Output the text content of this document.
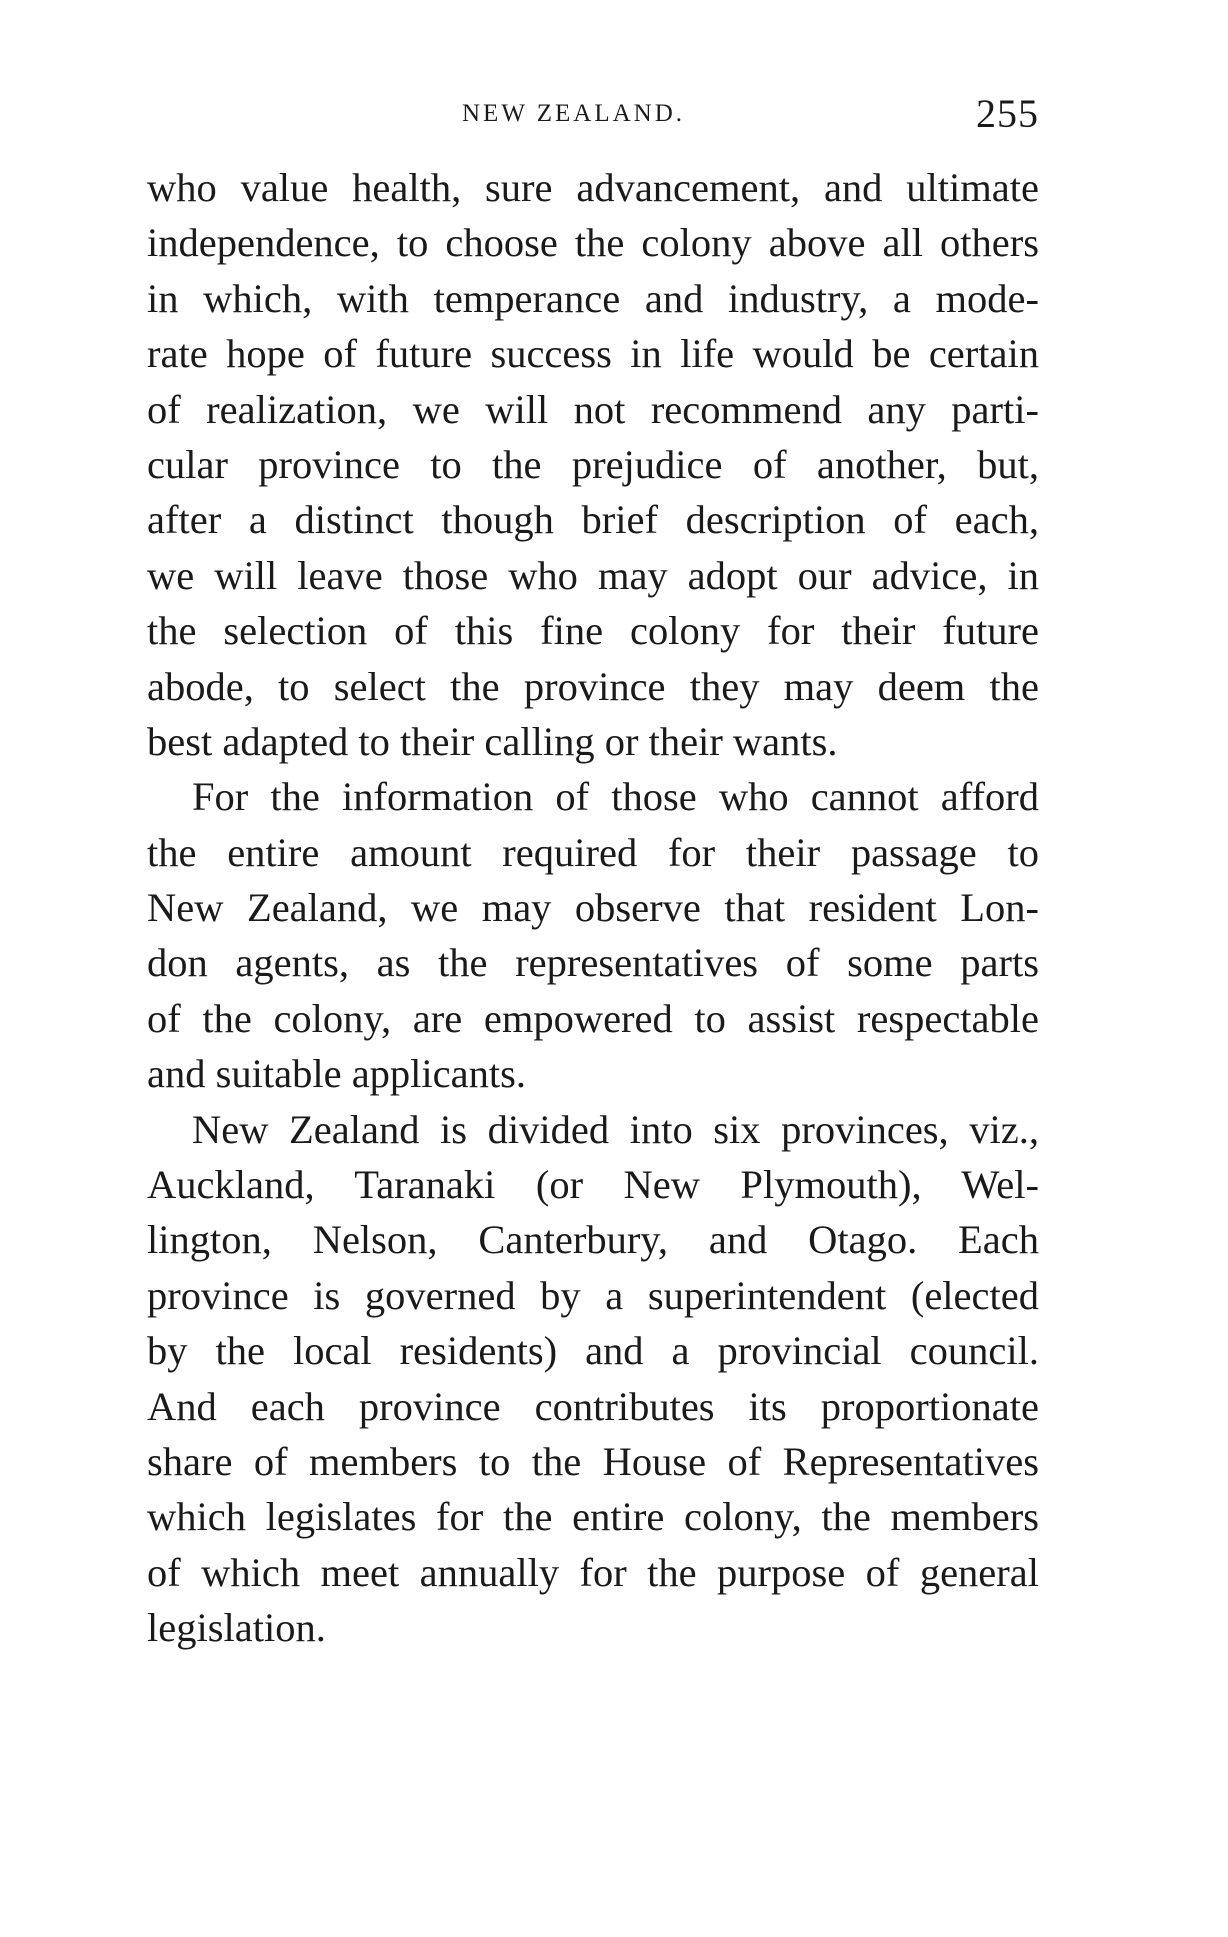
NEW ZEALAND.	255
who value health, sure advancement, and ultimate
independence, to choose the colony above all others
in which, with temperance and industry, a mode-
rate hope of future success in life would be certain
of realization, we will not recommend any parti-
cular province to the prejudice of another, but,
after a distinct though brief description of each,
we will leave those who may adopt our advice, in
the selection of this fine colony for their future
abode, to select the province they may deem the
best adapted to their calling or their wants.
For the information of those who cannot afford
the entire amount required for their passage to
New Zealand, we may observe that resident Lon-
don agents, as the representatives of some parts
of the colony, are empowered to assist respectable
and suitable applicants.
New Zealand is divided into six provinces, viz.,
Auckland, Taranaki (or New Plymouth), Wel-
lington, Nelson, Canterbury, and Otago. Each
province is governed by a superintendent (elected
by the local residents) and a provincial council.
And each province contributes its proportionate
share of members to the House of Representatives
which legislates for the entire colony, the members
of which meet annually for the purpose of general
legislation.
